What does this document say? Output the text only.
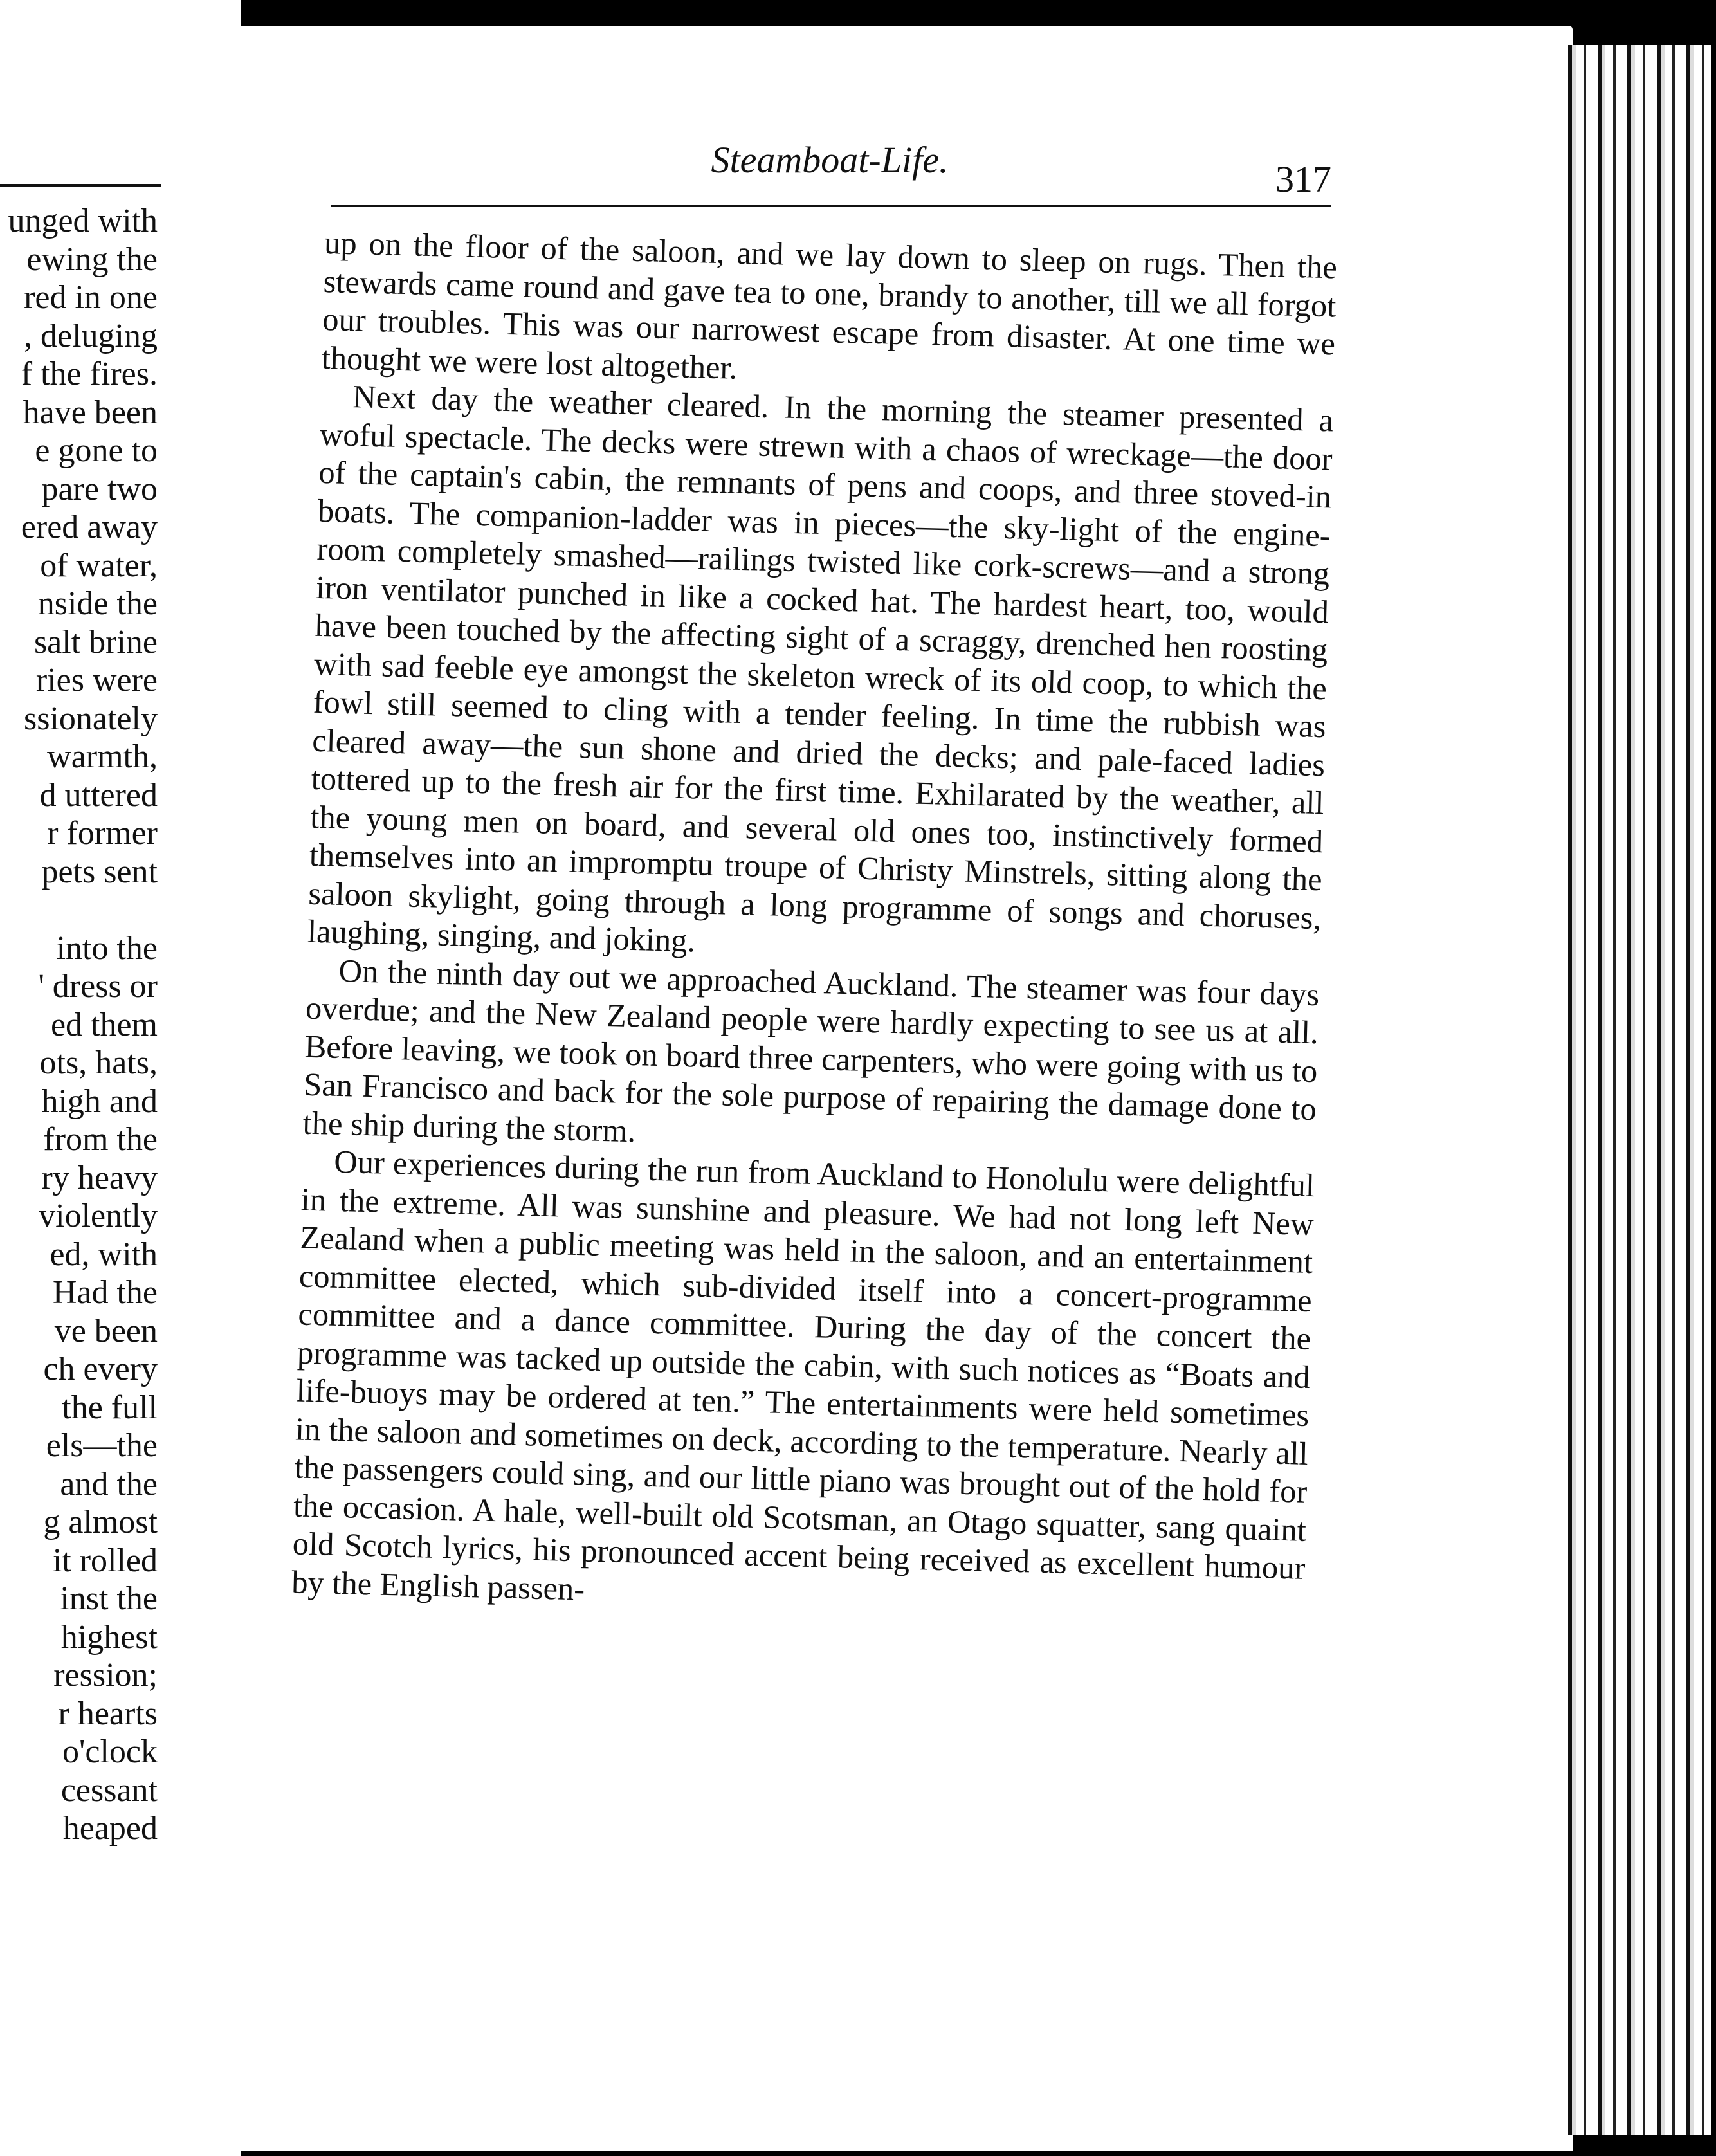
unged with
ewing the
red in one
, deluging
f the fires.
have been
e gone to
pare two
ered away
of water,
nside the
salt brine
ries were
ssionately
warmth,
d uttered
r former
pets sent
into the
' dress or
ed them
ots, hats,
high and
from the
ry heavy
violently
ed, with
Had the
ve been
ch every
the full
els—the
and the
g almost
it rolled
inst the
highest
ression;
r hearts
o'clock
cessant
heaped
Steamboat-Life.	317

up on the floor of the saloon, and we lay down to sleep on rugs. Then the stewards came round and gave tea to one, brandy to another, till we all forgot our troubles. This was our narrowest escape from disaster. At one time we thought we were lost altogether.

Next day the weather cleared. In the morning the steamer presented a woful spectacle. The decks were strewn with a chaos of wreckage—the door of the captain's cabin, the remnants of pens and coops, and three stoved-in boats. The companion-ladder was in pieces—the sky-light of the engine-room completely smashed—railings twisted like cork-screws—and a strong iron ventilator punched in like a cocked hat. The hardest heart, too, would have been touched by the affecting sight of a scraggy, drenched hen roosting with sad feeble eye amongst the skeleton wreck of its old coop, to which the fowl still seemed to cling with a tender feeling. In time the rubbish was cleared away—the sun shone and dried the decks; and pale-faced ladies tottered up to the fresh air for the first time. Exhilarated by the weather, all the young men on board, and several old ones too, instinctively formed themselves into an impromptu troupe of Christy Minstrels, sitting along the saloon skylight, going through a long programme of songs and choruses, laughing, singing, and joking.

On the ninth day out we approached Auckland. The steamer was four days overdue; and the New Zealand people were hardly expecting to see us at all. Before leaving, we took on board three carpenters, who were going with us to San Francisco and back for the sole purpose of repairing the damage done to the ship during the storm.

Our experiences during the run from Auckland to Honolulu were delightful in the extreme. All was sunshine and pleasure. We had not long left New Zealand when a public meeting was held in the saloon, and an entertainment committee elected, which sub-divided itself into a concert-programme committee and a dance committee. During the day of the concert the programme was tacked up outside the cabin, with such notices as “Boats and life-buoys may be ordered at ten.” The entertainments were held sometimes in the saloon and sometimes on deck, according to the temperature. Nearly all the passengers could sing, and our little piano was brought out of the hold for the occasion. A hale, well-built old Scotsman, an Otago squatter, sang quaint old Scotch lyrics, his pronounced accent being received as excellent humour by the English passen-
